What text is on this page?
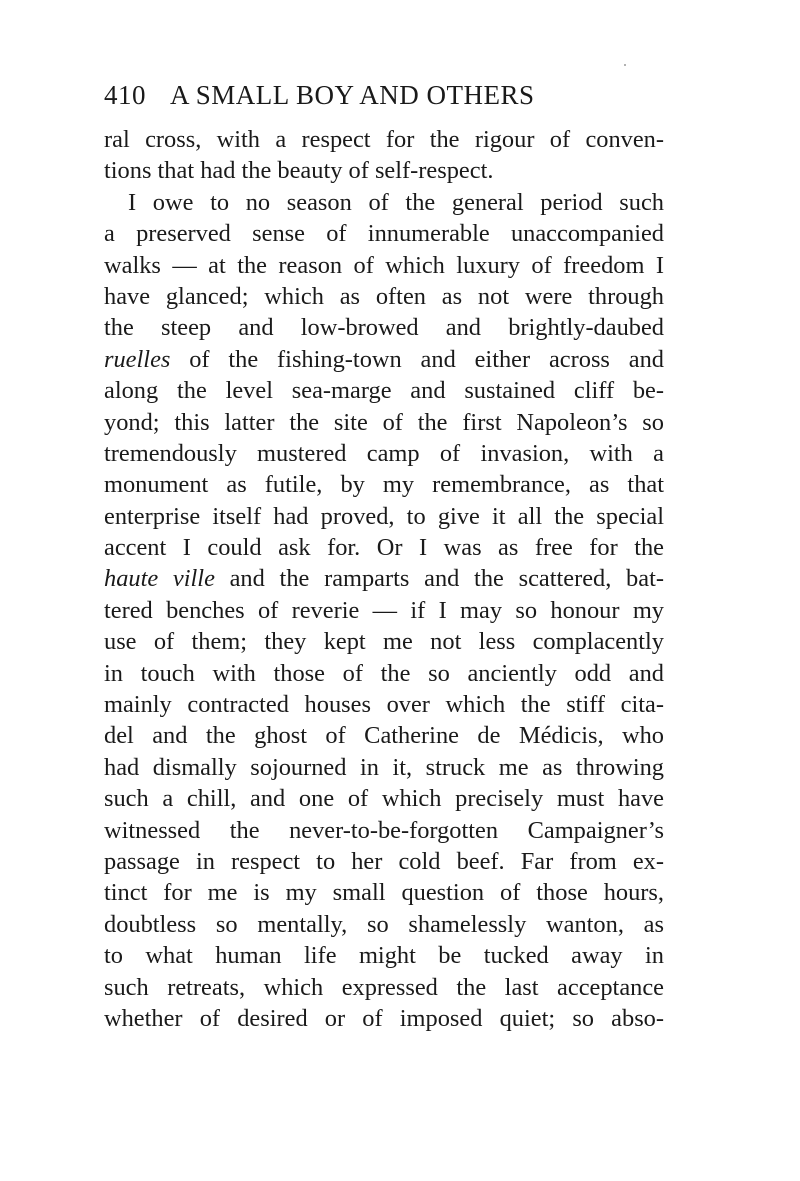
410 A SMALL BOY AND OTHERS
ral cross, with a respect for the rigour of conven-
tions that had the beauty of self-respect.
I owe to no season of the general period such
a preserved sense of innumerable unaccompanied
walks — at the reason of which luxury of freedom I
have glanced; which as often as not were through
the steep and low-browed and brightly-daubed
ruelles of the fishing-town and either across and
along the level sea-marge and sustained cliff be-
yond; this latter the site of the first Napoleon’s so
tremendously mustered camp of invasion, with a
monument as futile, by my remembrance, as that
enterprise itself had proved, to give it all the special
accent I could ask for. Or I was as free for the
haute ville and the ramparts and the scattered, bat-
tered benches of reverie — if I may so honour my
use of them; they kept me not less complacently
in touch with those of the so anciently odd and
mainly contracted houses over which the stiff cita-
del and the ghost of Catherine de Médicis, who
had dismally sojourned in it, struck me as throwing
such a chill, and one of which precisely must have
witnessed the never-to-be-forgotten Campaigner’s
passage in respect to her cold beef. Far from ex-
tinct for me is my small question of those hours,
doubtless so mentally, so shamelessly wanton, as
to what human life might be tucked away in
such retreats, which expressed the last acceptance
whether of desired or of imposed quiet; so abso-
